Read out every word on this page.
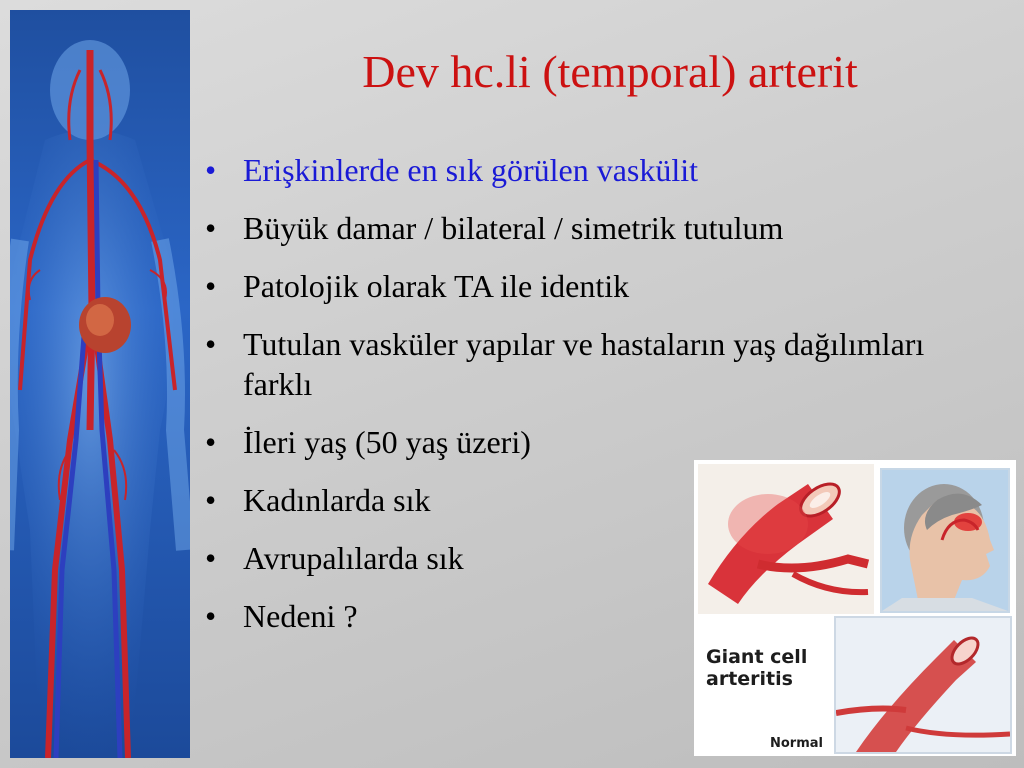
Dev hc.li (temporal) arterit
• Erişkinlerde en sık görülen vaskülit
• Büyük damar / bilateral / simetrik tutulum
• Patolojik olarak TA ile identik
• Tutulan vasküler yapılar ve hastaların yaş dağılımları farklı
• İleri yaş (50 yaş üzeri)
• Kadınlarda sık
• Avrupalılarda sık
• Nedeni ?
Giant cell
arteritis
Normal
